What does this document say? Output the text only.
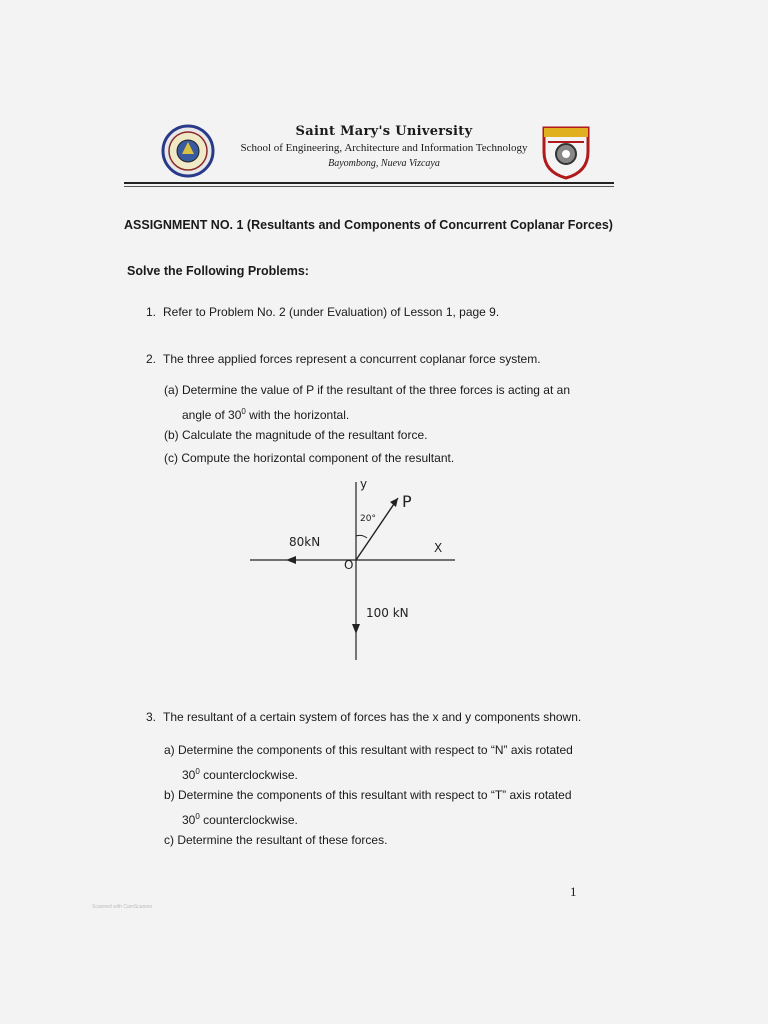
Saint Mary's University
School of Engineering, Architecture and Information Technology
Bayombong, Nueva Vizcaya
ASSIGNMENT NO. 1 (Resultants and Components of Concurrent Coplanar Forces)
Solve the Following Problems:
1. Refer to Problem No. 2 (under Evaluation) of Lesson 1, page 9.
2. The three applied forces represent a concurrent coplanar force system.
(a) Determine the value of P if the resultant of the three forces is acting at an
angle of $30^0$ with the horizontal.
(b) Calculate the magnitude of the resultant force.
(c) Compute the horizontal component of the resultant.
y
X
O
P
20°
80kN
100 kN
3. The resultant of a certain system of forces has the x and y components shown.
a) Determine the components of this resultant with respect to “N” axis rotated
$30^0$ counterclockwise.
b) Determine the components of this resultant with respect to “T” axis rotated
$30^0$ counterclockwise.
c) Determine the resultant of these forces.
1
Scanned with CamScanner
